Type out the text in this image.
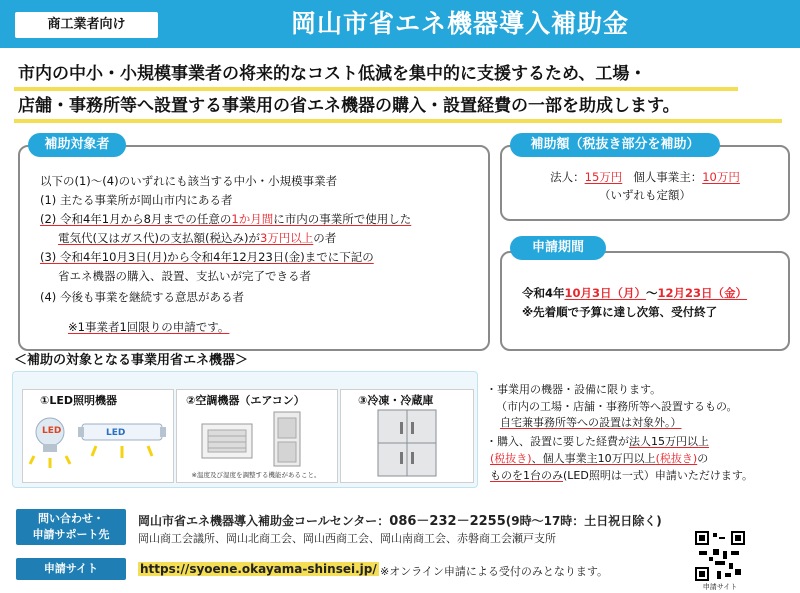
商工業者向け	岡山市省エネ機器導入補助金
市内の中小・小規模事業者の将来的なコスト低減を集中的に支援するため、工場・
店舗・事務所等へ設置する事業用の省エネ機器の購入・設置経費の一部を助成します。
補助対象者
以下の(1)～(4)のいずれにも該当する中小・小規模事業者
(1) 主たる事業所が岡山市内にある者
(2) 令和4年1月から8月までの任意の1か月間に市内の事業所で使用した
電気代(又はガス代)の支払額(税込み)が3万円以上の者
(3) 令和4年10月3日(月)から令和4年12月23日(金)までに下記の
省エネ機器の購入、設置、支払いが完了できる者
(4) 今後も事業を継続する意思がある者
※1事業者1回限りの申請です。
補助額（税抜き部分を補助）
法人：15万円 個人事業主：10万円
（いずれも定額）
申請期間
令和4年10月3日（月）～12月23日（金）
※先着順で予算に達し次第、受付終了
＜補助の対象となる事業用省エネ機器＞
①LED照明機器
LED	LED
②空調機器（エアコン）
※温度及び湿度を調整する機能があること。
③冷凍・冷蔵庫
・事業用の機器・設備に限ります。
（市内の工場・店舗・事務所等へ設置するもの。
自宅兼事務所等への設置は対象外。）
・購入、設置に要した経費が法人15万円以上
(税抜き)、個人事業主10万円以上(税抜き)の
ものを1台のみ(LED照明は一式）申請いただけます。
問い合わせ・
申請サポート先
岡山市省エネ機器導入補助金コールセンター：086－232－2255(9時～17時：土日祝日除く)
岡山商工会議所、岡山北商工会、岡山西商工会、岡山南商工会、赤磐商工会瀬戸支所
申請サイト	https://syoene.okayama-shinsei.jp/ ※オンライン申請による受付のみとなります。
申請サイト
